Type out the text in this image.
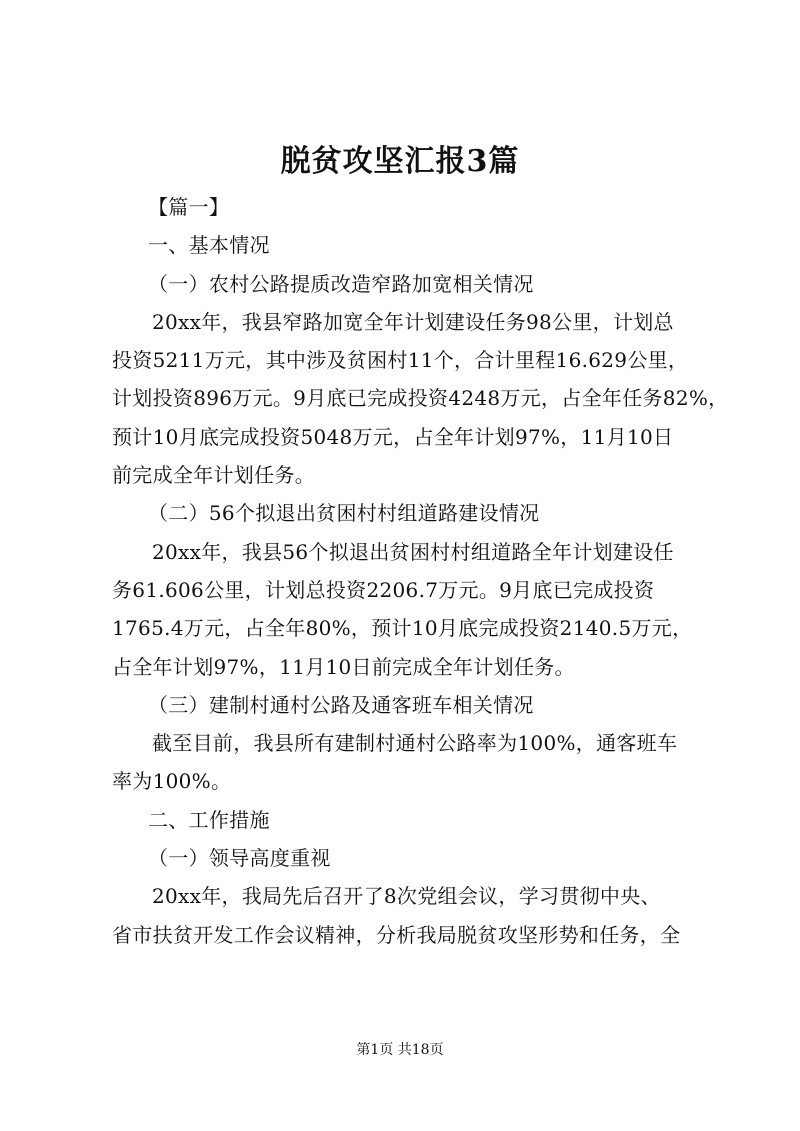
脱贫攻坚汇报3篇

【篇一】

一、基本情况

（一）农村公路提质改造窄路加宽相关情况

20xx年，我县窄路加宽全年计划建设任务98公里，计划总

投资5211万元，其中涉及贫困村11个，合计里程16.629公里，

计划投资896万元。9月底已完成投资4248万元，占全年任务82%，

预计10月底完成投资5048万元，占全年计划97%，11月10日

前完成全年计划任务。

（二）56个拟退出贫困村村组道路建设情况

20xx年，我县56个拟退出贫困村村组道路全年计划建设任

务61.606公里，计划总投资2206.7万元。9月底已完成投资

1765.4万元，占全年80%，预计10月底完成投资2140.5万元，

占全年计划97%，11月10日前完成全年计划任务。

（三）建制村通村公路及通客班车相关情况

截至目前，我县所有建制村通村公路率为100%，通客班车

率为100%。

二、工作措施

（一）领导高度重视

20xx年，我局先后召开了8次党组会议，学习贯彻中央、

省市扶贫开发工作会议精神，分析我局脱贫攻坚形势和任务，全

第1页 共18页
